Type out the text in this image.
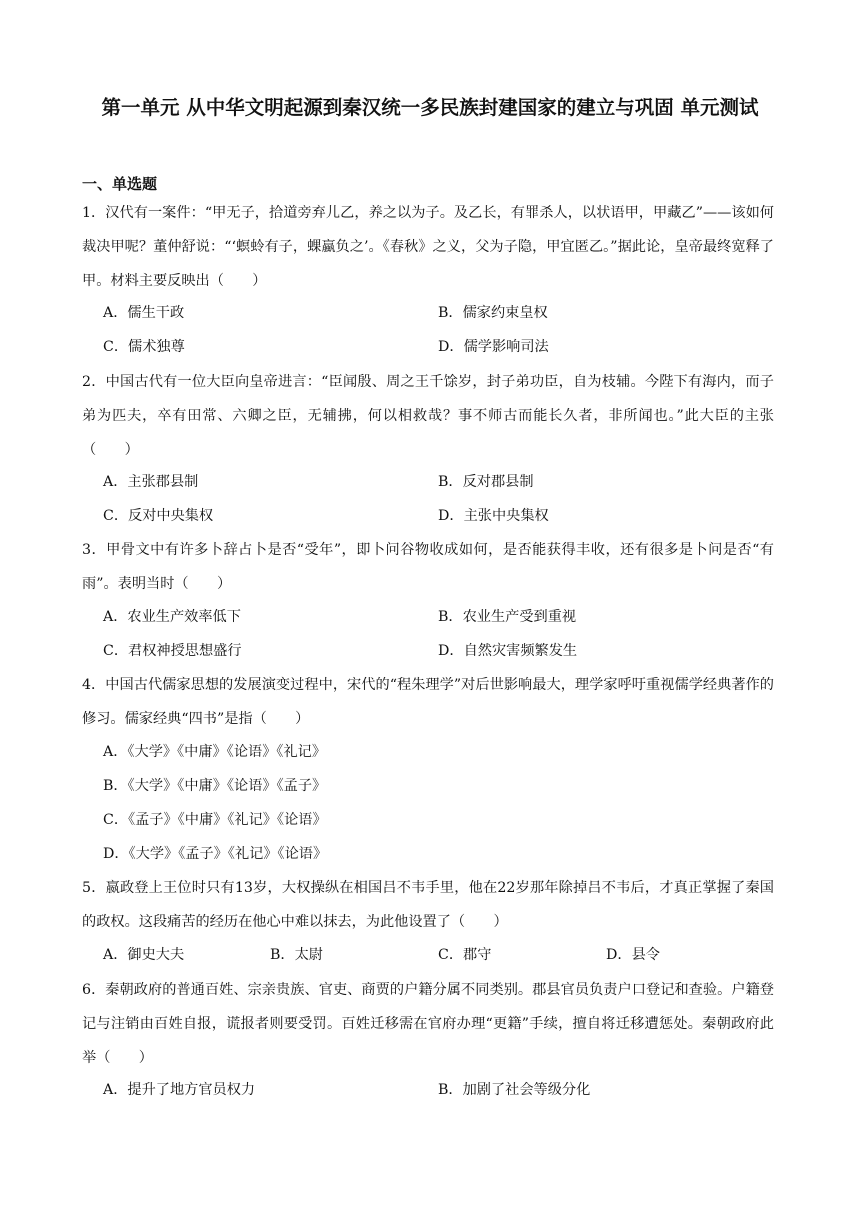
第一单元 从中华文明起源到秦汉统一多民族封建国家的建立与巩固 单元测试
一、单选题
1．汉代有一案件：“甲无子，拾道旁弃儿乙，养之以为子。及乙长，有罪杀人，以状语甲，甲藏乙”——该如何裁决甲呢？董仲舒说：“‘螟蛉有子，蜾蠃负之’。《春秋》之义，父为子隐，甲宜匿乙。”据此论，皇帝最终宽释了甲。材料主要反映出（　　）
A．儒生干政	B．儒家约束皇权
C．儒术独尊	D．儒学影响司法
2．中国古代有一位大臣向皇帝进言：“臣闻殷、周之王千馀岁，封子弟功臣，自为枝辅。今陛下有海内，而子弟为匹夫，卒有田常、六卿之臣，无辅拂，何以相救哉？事不师古而能长久者，非所闻也。”此大臣的主张（　　）
A．主张郡县制	B．反对郡县制
C．反对中央集权	D．主张中央集权
3．甲骨文中有许多卜辞占卜是否“受年”，即卜问谷物收成如何，是否能获得丰收，还有很多是卜问是否“有雨”。表明当时（　　）
A．农业生产效率低下	B．农业生产受到重视
C．君权神授思想盛行	D．自然灾害频繁发生
4．中国古代儒家思想的发展演变过程中，宋代的“程朱理学”对后世影响最大，理学家呼吁重视儒学经典著作的修习。儒家经典“四书”是指（　　）
A．《大学》《中庸》《论语》《礼记》
B．《大学》《中庸》《论语》《孟子》
C．《孟子》《中庸》《礼记》《论语》
D．《大学》《孟子》《礼记》《论语》
5．嬴政登上王位时只有13岁，大权操纵在相国吕不韦手里，他在22岁那年除掉吕不韦后，才真正掌握了秦国的政权。这段痛苦的经历在他心中难以抹去，为此他设置了（　　）
A．御史大夫	B．太尉	C．郡守	D．县令
6．秦朝政府的普通百姓、宗亲贵族、官吏、商贾的户籍分属不同类别。郡县官员负责户口登记和查验。户籍登记与注销由百姓自报，谎报者则要受罚。百姓迁移需在官府办理“更籍”手续，擅自将迁移遭惩处。秦朝政府此举（　　）
A．提升了地方官员权力	B．加剧了社会等级分化
